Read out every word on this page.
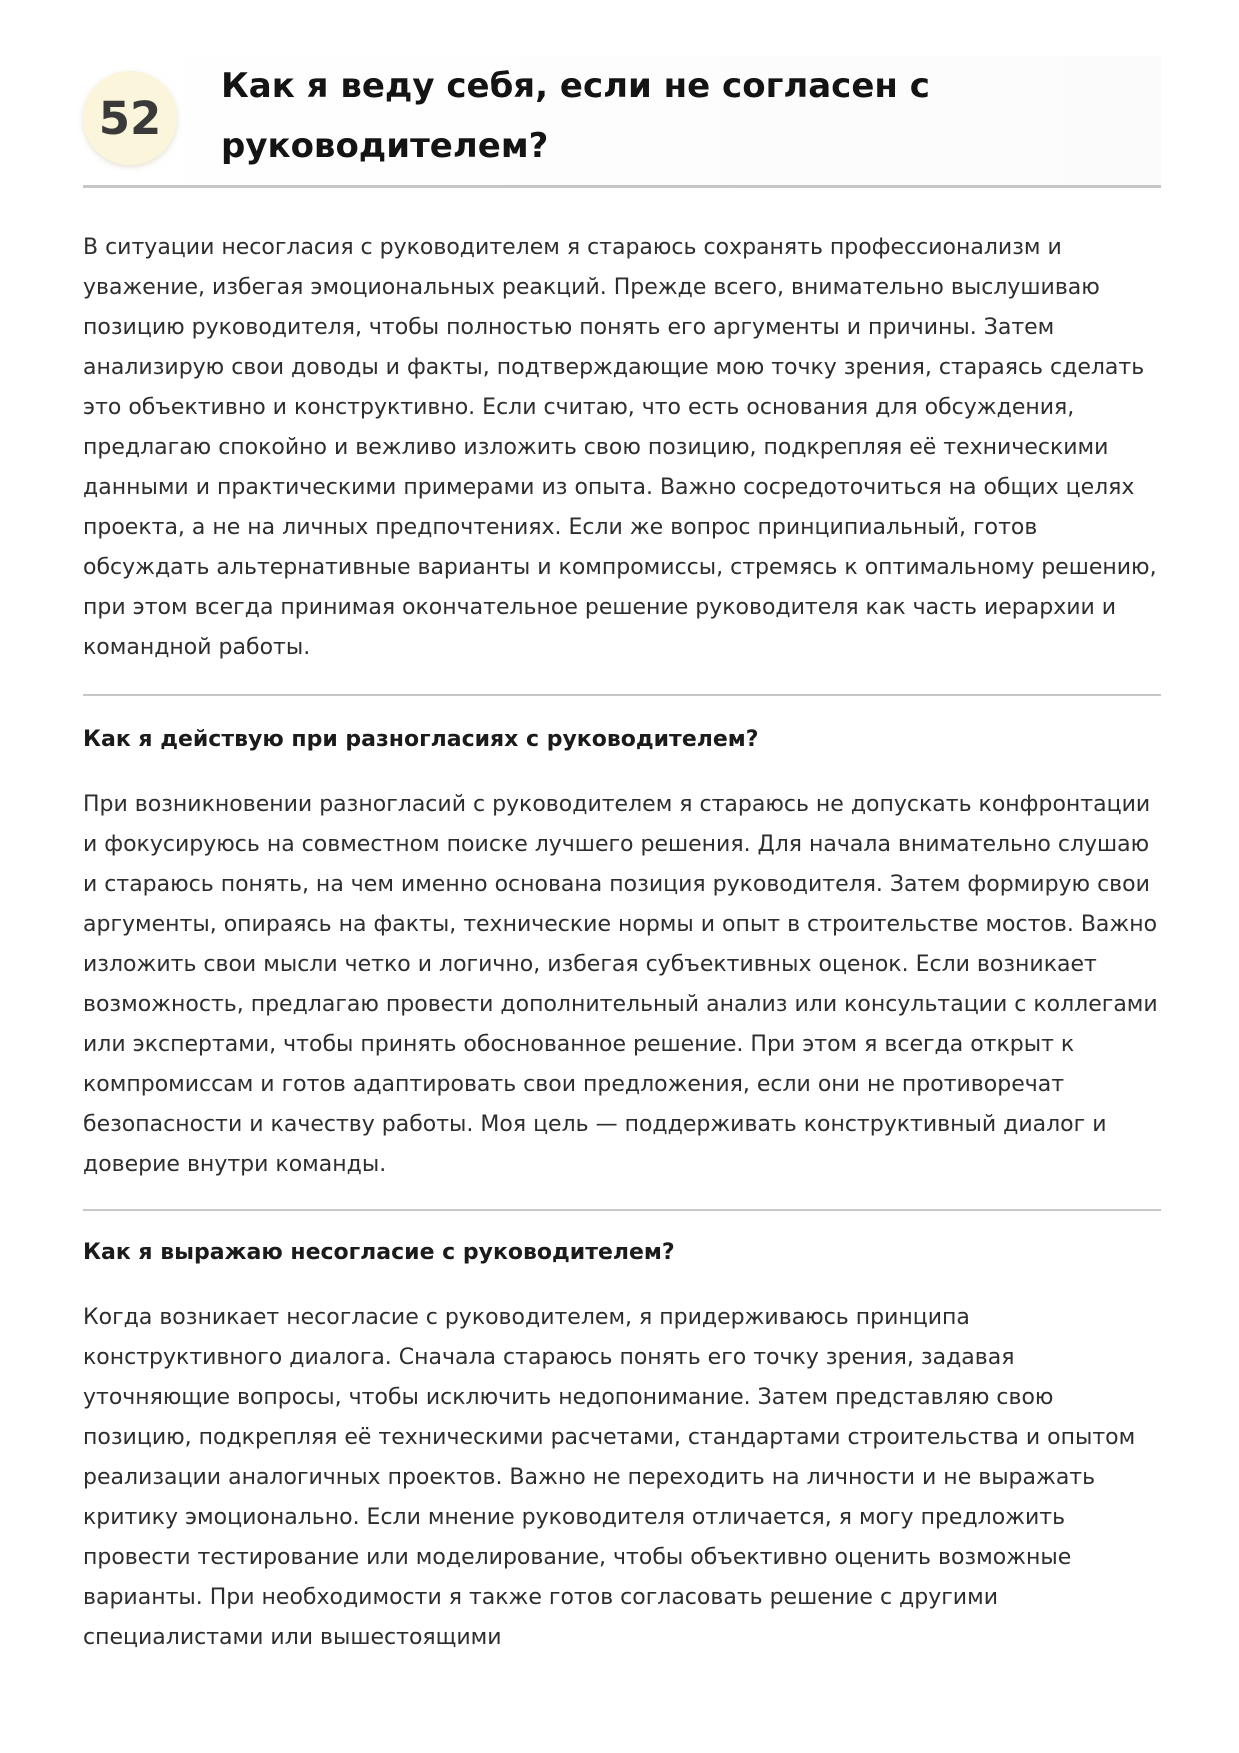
52
Как я веду себя, если не согласен с руководителем?

В ситуации несогласия с руководителем я стараюсь сохранять профессионализм и уважение, избегая эмоциональных реакций. Прежде всего, внимательно выслушиваю позицию руководителя, чтобы полностью понять его аргументы и причины. Затем анализирую свои доводы и факты, подтверждающие мою точку зрения, стараясь сделать это объективно и конструктивно. Если считаю, что есть основания для обсуждения, предлагаю спокойно и вежливо изложить свою позицию, подкрепляя её техническими данными и практическими примерами из опыта. Важно сосредоточиться на общих целях проекта, а не на личных предпочтениях. Если же вопрос принципиальный, готов обсуждать альтернативные варианты и компромиссы, стремясь к оптимальному решению, при этом всегда принимая окончательное решение руководителя как часть иерархии и командной работы.

Как я действую при разногласиях с руководителем?

При возникновении разногласий с руководителем я стараюсь не допускать конфронтации и фокусируюсь на совместном поиске лучшего решения. Для начала внимательно слушаю и стараюсь понять, на чем именно основана позиция руководителя. Затем формирую свои аргументы, опираясь на факты, технические нормы и опыт в строительстве мостов. Важно изложить свои мысли четко и логично, избегая субъективных оценок. Если возникает возможность, предлагаю провести дополнительный анализ или консультации с коллегами или экспертами, чтобы принять обоснованное решение. При этом я всегда открыт к компромиссам и готов адаптировать свои предложения, если они не противоречат безопасности и качеству работы. Моя цель — поддерживать конструктивный диалог и доверие внутри команды.

Как я выражаю несогласие с руководителем?

Когда возникает несогласие с руководителем, я придерживаюсь принципа конструктивного диалога. Сначала стараюсь понять его точку зрения, задавая уточняющие вопросы, чтобы исключить недопонимание. Затем представляю свою позицию, подкрепляя её техническими расчетами, стандартами строительства и опытом реализации аналогичных проектов. Важно не переходить на личности и не выражать критику эмоционально. Если мнение руководителя отличается, я могу предложить провести тестирование или моделирование, чтобы объективно оценить возможные варианты. При необходимости я также готов согласовать решение с другими специалистами или вышестоящими
